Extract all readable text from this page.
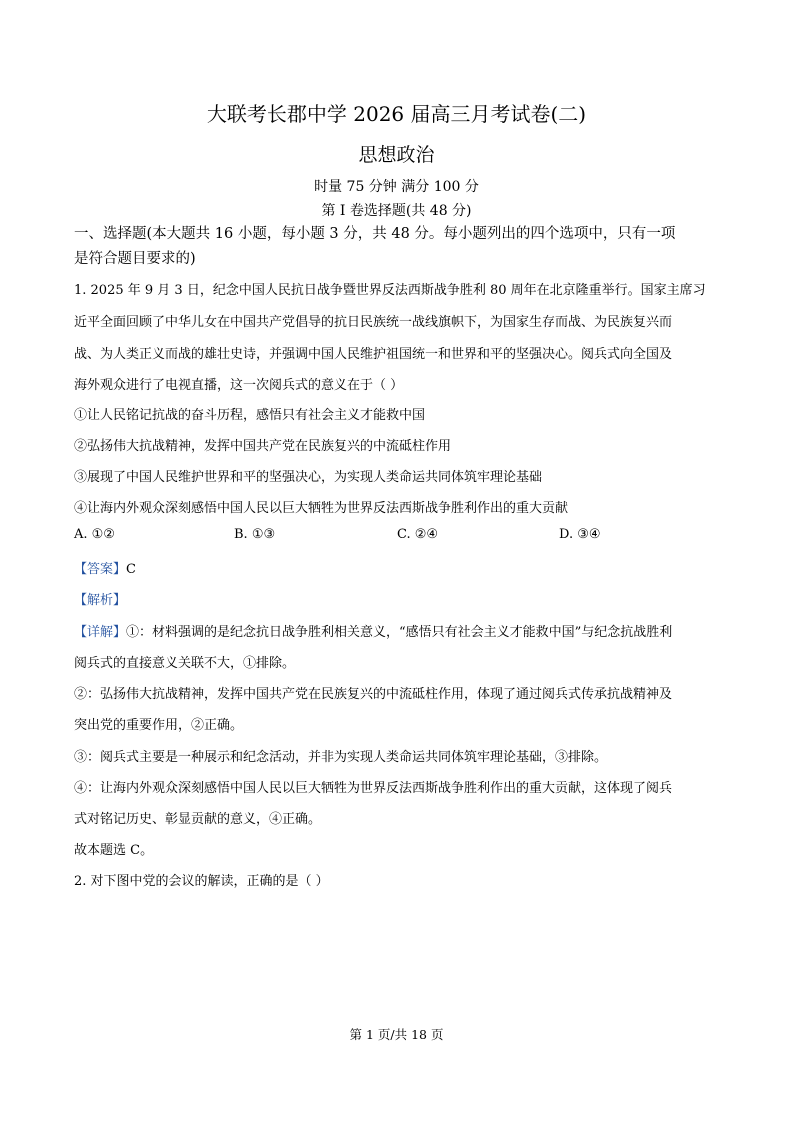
大联考长郡中学 2026 届高三月考试卷(二)
思想政治
时量 75 分钟 满分 100 分
第 I 卷选择题(共 48 分)
一、选择题(本大题共 16 小题，每小题 3 分，共 48 分。每小题列出的四个选项中，只有一项
是符合题目要求的)
1. 2025 年 9 月 3 日，纪念中国人民抗日战争暨世界反法西斯战争胜利 80 周年在北京隆重举行。国家主席习
近平全面回顾了中华儿女在中国共产党倡导的抗日民族统一战线旗帜下，为国家生存而战、为民族复兴而
战、为人类正义而战的雄壮史诗，并强调中国人民维护祖国统一和世界和平的坚强决心。阅兵式向全国及
海外观众进行了电视直播，这一次阅兵式的意义在于（ ）
①让人民铭记抗战的奋斗历程，感悟只有社会主义才能救中国
②弘扬伟大抗战精神，发挥中国共产党在民族复兴的中流砥柱作用
③展现了中国人民维护世界和平的坚强决心，为实现人类命运共同体筑牢理论基础
④让海内外观众深刻感悟中国人民以巨大牺牲为世界反法西斯战争胜利作出的重大贡献
A. ①②	B. ①③	C. ②④	D. ③④
【答案】C
【解析】
【详解】①：材料强调的是纪念抗日战争胜利相关意义，“感悟只有社会主义才能救中国”与纪念抗战胜利
阅兵式的直接意义关联不大，①排除。
②：弘扬伟大抗战精神，发挥中国共产党在民族复兴的中流砥柱作用，体现了通过阅兵式传承抗战精神及
突出党的重要作用，②正确。
③：阅兵式主要是一种展示和纪念活动，并非为实现人类命运共同体筑牢理论基础，③排除。
④：让海内外观众深刻感悟中国人民以巨大牺牲为世界反法西斯战争胜利作出的重大贡献，这体现了阅兵
式对铭记历史、彰显贡献的意义，④正确。
故本题选 C。
2. 对下图中党的会议的解读，正确的是（ ）
第 1 页/共 18 页
